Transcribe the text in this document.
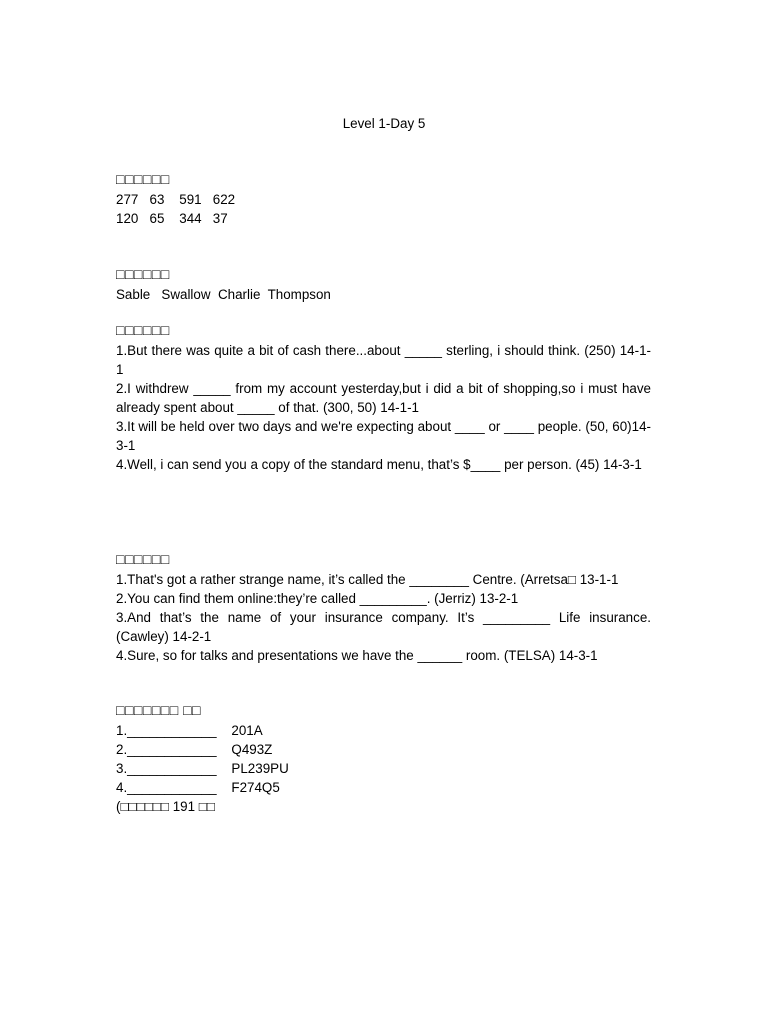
Level 1-Day 5
□□□□□□
277   63    591   622
120   65    344   37
□□□□□□
Sable   Swallow  Charlie  Thompson
□□□□□□
1.But there was quite a bit of cash there...about _____ sterling, i should think. (250) 14-1-1
2.I withdrew _____ from my account yesterday,but i did a bit of shopping,so i must have already spent about _____ of that. (300, 50) 14-1-1
3.It will be held over two days and we're expecting about ____ or ____ people. (50, 60)14-3-1
4.Well, i can send you a copy of the standard menu, that’s $____ per person. (45) 14-3-1
□□□□□□
1.That's got a rather strange name, it’s called the ________ Centre. (Arretsa□ 13-1-1
2.You can find them online:they’re called _________. (Jerriz) 13-2-1
3.And that’s the name of your insurance company. It’s _________ Life insurance. (Cawley) 14-2-1
4.Sure, so for talks and presentations we have the ______ room. (TELSA) 14-3-1
□□□□□□□ □□
1.____________    201A
2.____________    Q493Z
3.____________    PL239PU
4.____________    F274Q5
(□□□□□□ 191 □□
